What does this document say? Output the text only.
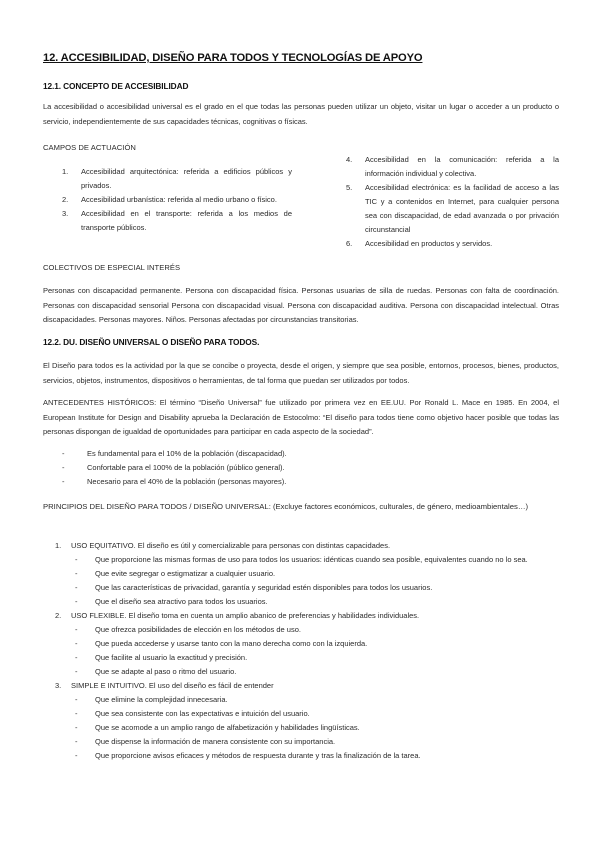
12. ACCESIBILIDAD, DISEÑO PARA TODOS Y TECNOLOGÍAS DE APOYO
12.1. CONCEPTO DE ACCESIBILIDAD

La accesibilidad o accesibilidad universal es el grado en el que todas las personas pueden utilizar un objeto, visitar un lugar o acceder a un producto o servicio, independientemente de sus capacidades técnicas, cognitivas o físicas.

CAMPOS DE ACTUACIÓN
1. Accesibilidad arquitectónica: referida a edificios públicos y privados.
2. Accesibilidad urbanística: referida al medio urbano o físico.
3. Accesibilidad en el transporte: referida a los medios de transporte públicos.
4. Accesibilidad en la comunicación: referida a la información individual y colectiva.
5. Accesibilidad electrónica: es la facilidad de acceso a las TIC y a contenidos en Internet, para cualquier persona sea con discapacidad, de edad avanzada o por privación circunstancial
6. Accesibilidad en productos y servidos.
COLECTIVOS DE ESPECIAL INTERÉS

Personas con discapacidad permanente. Persona con discapacidad física. Personas usuarias de silla de ruedas. Personas con falta de coordinación. Personas con discapacidad sensorial Persona con discapacidad visual. Persona con discapacidad auditiva. Persona con discapacidad intelectual. Otras discapacidades. Personas mayores. Niños. Personas afectadas por circunstancias transitorias.

12.2. DU. DISEÑO UNIVERSAL O DISEÑO PARA TODOS.

El Diseño para todos es la actividad por la que se concibe o proyecta, desde el origen, y siempre que sea posible, entornos, procesos, bienes, productos, servicios, objetos, instrumentos, dispositivos o herramientas, de tal forma que puedan ser utilizados por todos.

ANTECEDENTES HISTÓRICOS: El término “Diseño Universal” fue utilizado por primera vez en EE.UU. Por Ronald L. Mace en 1985. En 2004, el European Institute for Design and Disability aprueba la Declaración de Estocolmo: “El diseño para todos tiene como objetivo hacer posible que todas las personas dispongan de igualdad de oportunidades para participar en cada aspecto de la sociedad”.

-	Es fundamental para el 10% de la población (discapacidad).
-	Confortable para el 100% de la población (público general).
-	Necesario para el 40% de la población (personas mayores).

PRINCIPIOS DEL DISEÑO PARA TODOS / DISEÑO UNIVERSAL: (Excluye factores económicos, culturales, de género, medioambientales…)

1. USO EQUITATIVO. El diseño es útil y comercializable para personas con distintas capacidades.
- Que proporcione las mismas formas de uso para todos los usuarios: idénticas cuando sea posible, equivalentes cuando no lo sea.
- Que evite segregar o estigmatizar a cualquier usuario.
- Que las características de privacidad, garantía y seguridad estén disponibles para todos los usuarios.
- Que el diseño sea atractivo para todos los usuarios.
2. USO FLEXIBLE. El diseño toma en cuenta un amplio abanico de preferencias y habilidades individuales.
- Que ofrezca posibilidades de elección en los métodos de uso.
- Que pueda accederse y usarse tanto con la mano derecha como con la izquierda.
- Que facilite al usuario la exactitud y precisión.
- Que se adapte al paso o ritmo del usuario.
3. SIMPLE E INTUITIVO. El uso del diseño es fácil de entender
- Que elimine la complejidad innecesaria.
- Que sea consistente con las expectativas e intuición del usuario.
- Que se acomode a un amplio rango de alfabetización y habilidades lingüísticas.
- Que dispense la información de manera consistente con su importancia.
- Que proporcione avisos eficaces y métodos de respuesta durante y tras la finalización de la tarea.
